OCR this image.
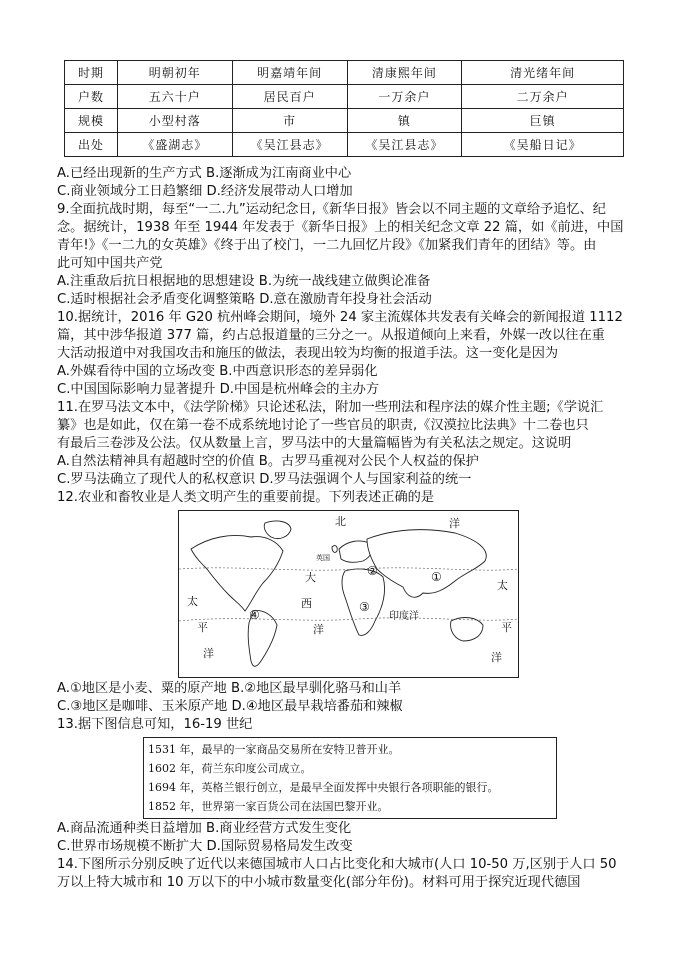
时期	明朝初年	明嘉靖年间	清康熙年间	清光绪年间
户数	五六十户	居民百户	一万余户	二万余户
规模	小型村落	市	镇	巨镇
出处	《盛湖志》	《吴江县志》	《吴江县志》	《吴船日记》
A.已经出现新的生产方式 B.逐渐成为江南商业中心
C.商业领域分工日趋繁细 D.经济发展带动人口增加
9.全面抗战时期，每至“一二.九”运动纪念日,《新华日报》皆会以不同主题的文章给予追忆、纪
念。据统计，1938 年至 1944 年发表于《新华日报》上的相关纪念文章 22 篇，如《前进，中国
青年!》《一二九的女英雄》《终于出了校门，一二九回忆片段》《加紧我们青年的团结》等。由
此可知中国共产党
A.注重敌后抗日根据地的思想建设 B.为统一战线建立做舆论准备
C.适时根据社会矛盾变化调整策略 D.意在激励青年投身社会活动
10.据统计，2016 年 G20 杭州峰会期间，境外 24 家主流媒体共发表有关峰会的新闻报道 1112
篇，其中涉华报道 377 篇，约占总报道量的三分之一。从报道倾向上来看，外媒一改以往在重
大活动报道中对我国攻击和施压的做法，表现出较为均衡的报道手法。这一变化是因为
A.外媒看待中国的立场改变 B.中西意识形态的差异弱化
C.中国国际影响力显著提升 D.中国是杭州峰会的主办方
11.在罗马法文本中，《法学阶梯》只论述私法，附加一些刑法和程序法的媒介性主题;《学说汇
纂》也是如此，仅在第一卷不成系统地讨论了一些官员的职责,《汉漠拉比法典》十二卷也只
有最后三卷涉及公法。仅从数量上言，罗马法中的大量篇幅皆为有关私法之规定。这说明
A.自然法精神具有超越时空的价值 B。古罗马重视对公民个人权益的保护
C.罗马法确立了现代人的私权意识 D.罗马法强调个人与国家利益的统一
12.农业和畜牧业是人类文明产生的重要前提。下列表述正确的是
北	洋
英国
大
西
洋
印度洋
太
平
洋
太
平
洋
①
②
③
④
A.①地区是小麦、粟的原产地 B.②地区最早驯化骆马和山羊
C.③地区是咖啡、玉米原产地 D.④地区最早栽培番茄和辣椒
13.据下图信息可知，16-19 世纪
1531 年，最早的一家商品交易所在安特卫普开业。
1602 年，荷兰东印度公司成立。
1694 年，英格兰银行创立，是最早全面发挥中央银行各项职能的银行。
1852 年，世界第一家百货公司在法国巴黎开业。
A.商品流通种类日益增加 B.商业经营方式发生变化
C.世界市场规模不断扩大 D.国际贸易格局发生改变
14.下图所示分别反映了近代以来德国城市人口占比变化和大城市(人口 10-50 万,区别于人口 50
万以上特大城市和 10 万以下的中小城市数量变化(部分年份)。材料可用于探究近现代德国
